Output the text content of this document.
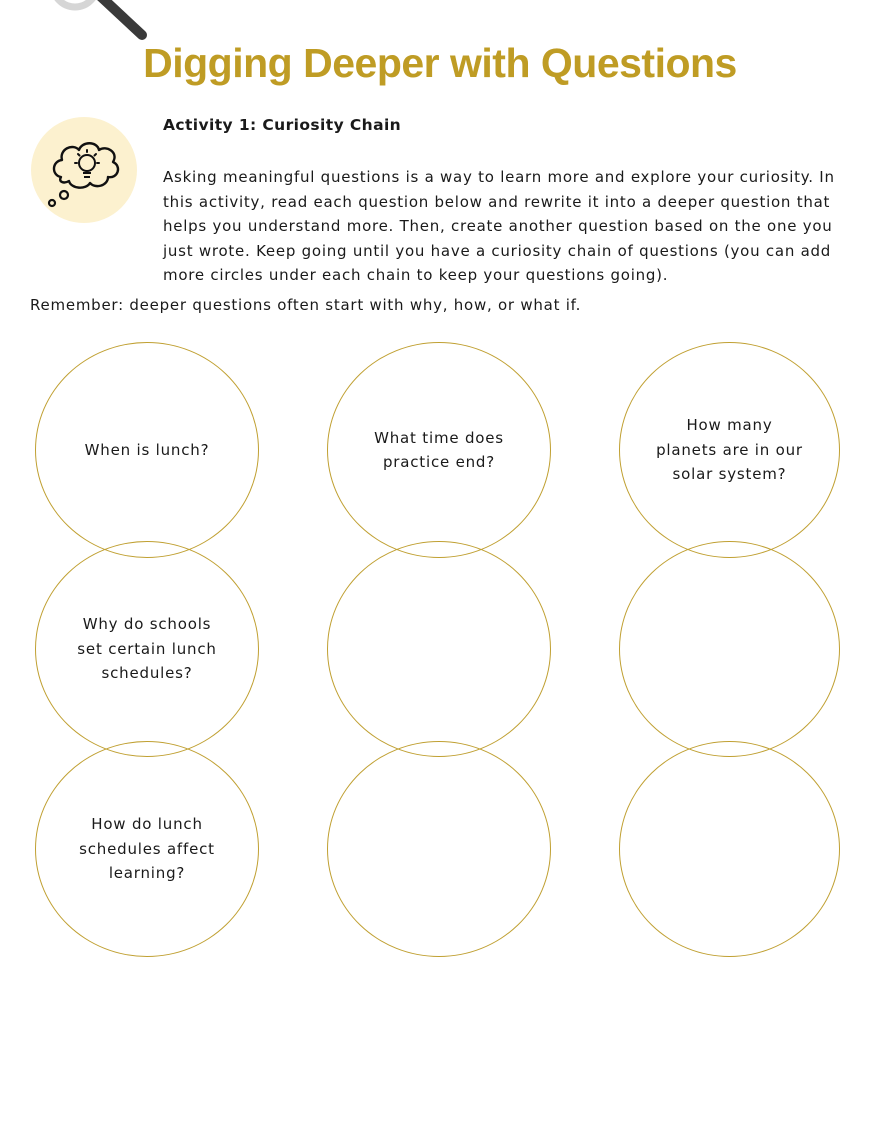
Digging Deeper with Questions
Activity 1: Curiosity Chain

Asking meaningful questions is a way to learn more and explore your curiosity. In this activity, read each question below and rewrite it into a deeper question that helps you understand more. Then, create another question based on the one you just wrote. Keep going until you have a curiosity chain of questions (you can add more circles under each chain to keep your questions going).

Remember: deeper questions often start with why, how, or what if.
When is lunch?
Why do schools set certain lunch schedules?
How do lunch schedules affect learning?
What time does practice end?
How many planets are in our solar system?
